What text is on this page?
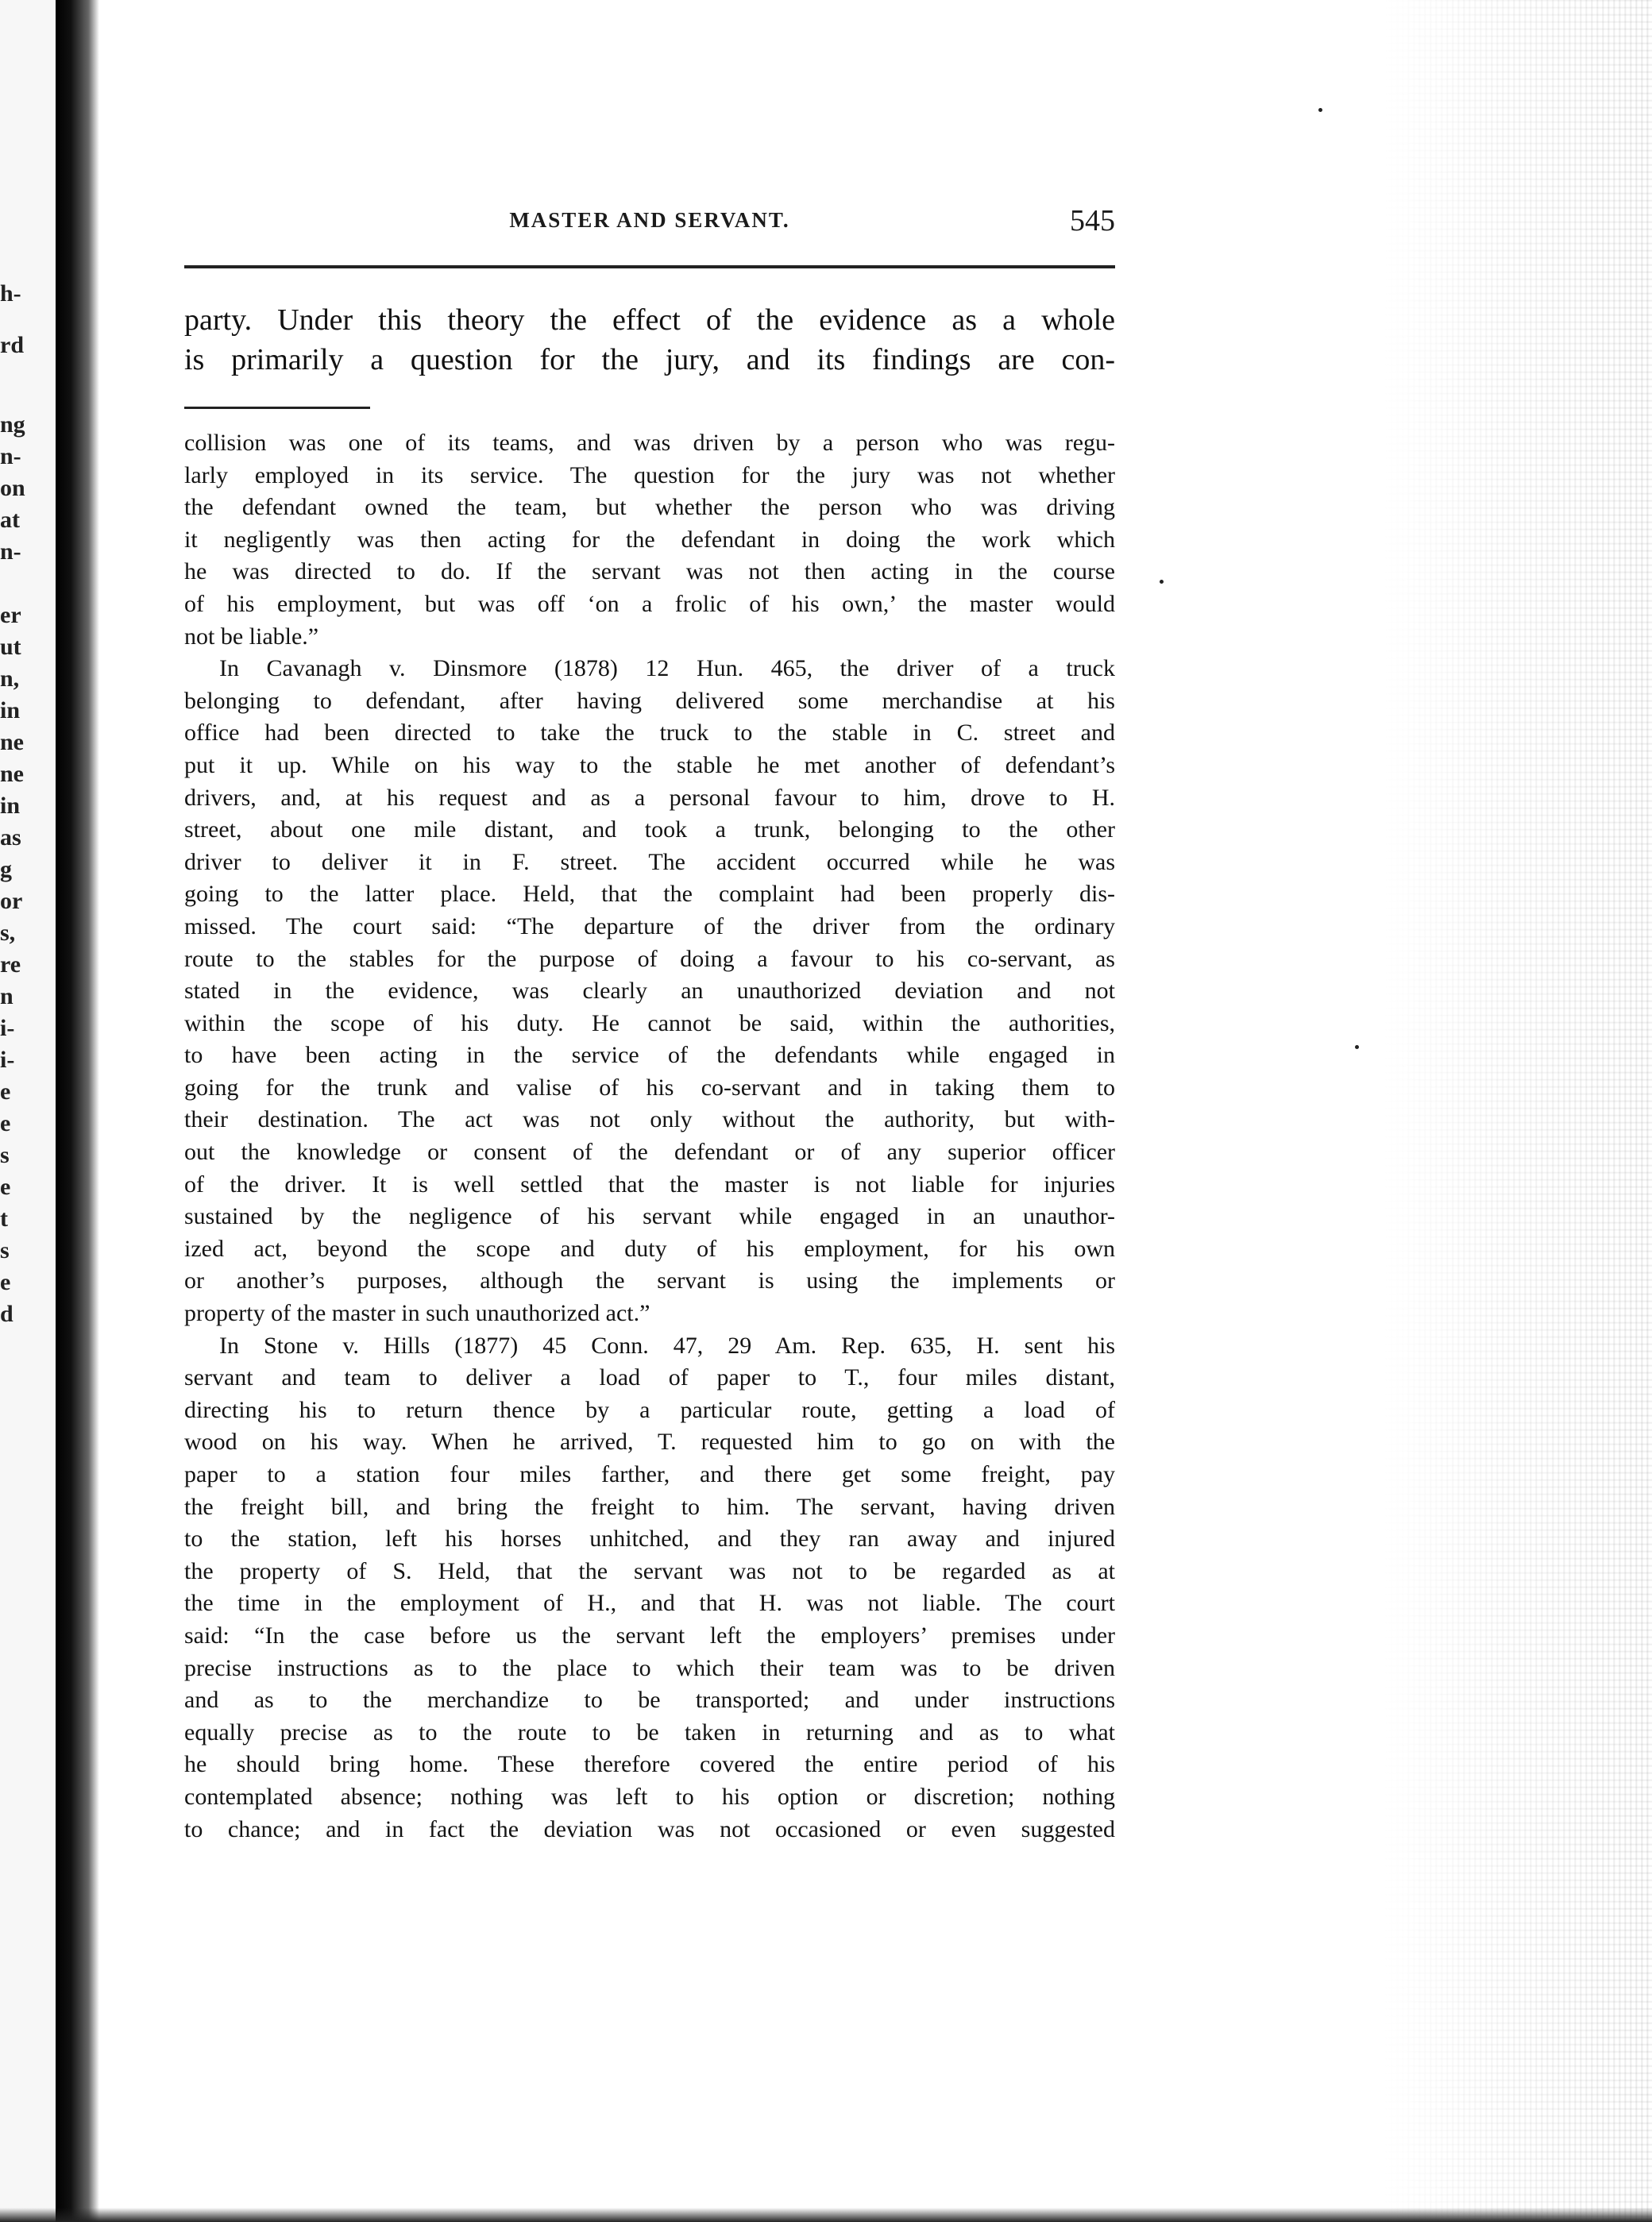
h-
rd
ng
n-
on
at
n-
er
ut
n,
in
ne
ne
in
as
g
or
s,
re
n
i-
i-
e
e
s
e
t
s
e
d
MASTER AND SERVANT.	545
party. Under this theory the effect of the evidence as a whole
is primarily a question for the jury, and its findings are con-
collision was one of its teams, and was driven by a person who was regu-
larly employed in its service. The question for the jury was not whether
the defendant owned the team, but whether the person who was driving
it negligently was then acting for the defendant in doing the work which
he was directed to do. If the servant was not then acting in the course
of his employment, but was off ‘on a frolic of his own,’ the master would
not be liable.”
In Cavanagh v. Dinsmore (1878) 12 Hun. 465, the driver of a truck
belonging to defendant, after having delivered some merchandise at his
office had been directed to take the truck to the stable in C. street and
put it up. While on his way to the stable he met another of defendant’s
drivers, and, at his request and as a personal favour to him, drove to H.
street, about one mile distant, and took a trunk, belonging to the other
driver to deliver it in F. street. The accident occurred while he was
going to the latter place. Held, that the complaint had been properly dis-
missed. The court said: “The departure of the driver from the ordinary
route to the stables for the purpose of doing a favour to his co-servant, as
stated in the evidence, was clearly an unauthorized deviation and not
within the scope of his duty. He cannot be said, within the authorities,
to have been acting in the service of the defendants while engaged in
going for the trunk and valise of his co-servant and in taking them to
their destination. The act was not only without the authority, but with-
out the knowledge or consent of the defendant or of any superior officer
of the driver. It is well settled that the master is not liable for injuries
sustained by the negligence of his servant while engaged in an unauthor-
ized act, beyond the scope and duty of his employment, for his own
or another’s purposes, although the servant is using the implements or
property of the master in such unauthorized act.”
In Stone v. Hills (1877) 45 Conn. 47, 29 Am. Rep. 635, H. sent his
servant and team to deliver a load of paper to T., four miles distant,
directing his to return thence by a particular route, getting a load of
wood on his way. When he arrived, T. requested him to go on with the
paper to a station four miles farther, and there get some freight, pay
the freight bill, and bring the freight to him. The servant, having driven
to the station, left his horses unhitched, and they ran away and injured
the property of S. Held, that the servant was not to be regarded as at
the time in the employment of H., and that H. was not liable. The court
said: “In the case before us the servant left the employers’ premises under
precise instructions as to the place to which their team was to be driven
and as to the merchandize to be transported; and under instructions
equally precise as to the route to be taken in returning and as to what
he should bring home. These therefore covered the entire period of his
contemplated absence; nothing was left to his option or discretion; nothing
to chance; and in fact the deviation was not occasioned or even suggested
